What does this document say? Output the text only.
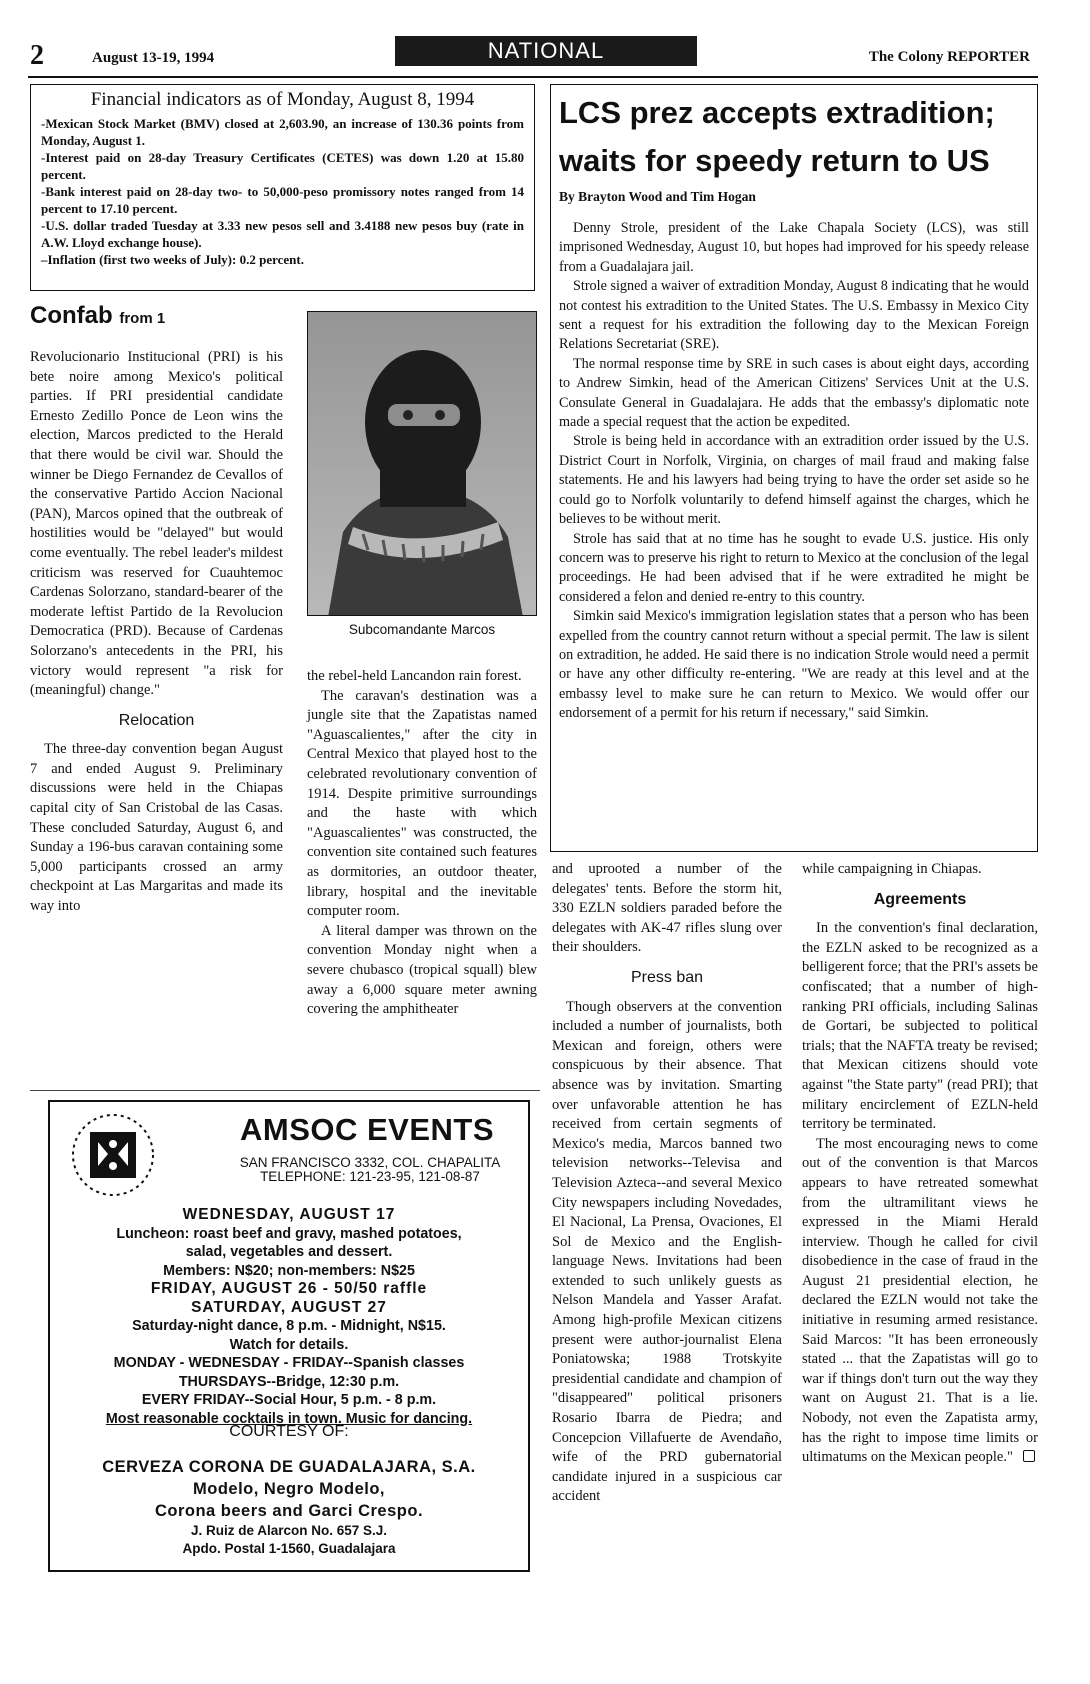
2	August 13-19, 1994	NATIONAL	The Colony REPORTER
Financial indicators as of Monday, August 8, 1994

-Mexican Stock Market (BMV) closed at 2,603.90, an increase of 130.36 points from Monday, August 1.

-Interest paid on 28-day Treasury Certificates (CETES) was down 1.20 at 15.80 percent.

-Bank interest paid on 28-day two- to 50,000-peso promissory notes ranged from 14 percent to 17.10 percent.

-U.S. dollar traded Tuesday at 3.33 new pesos sell and 3.4188 new pesos buy (rate in A.W. Lloyd exchange house).

–Inflation (first two weeks of July): 0.2 percent.

LCS prez accepts extradition;
waits for speedy return to US
By Brayton Wood and Tim Hogan

Denny Strole, president of the Lake Chapala Society (LCS), was still imprisoned Wednesday, August 10, but hopes had improved for his speedy release from a Guadalajara jail.

Strole signed a waiver of extradition Monday, August 8 indicating that he would not contest his extradition to the United States. The U.S. Embassy in Mexico City sent a request for his extradition the following day to the Mexican Foreign Relations Secretariat (SRE).

The normal response time by SRE in such cases is about eight days, according to Andrew Simkin, head of the American Citizens' Services Unit at the U.S. Consulate General in Guadalajara. He adds that the embassy's diplomatic note made a special request that the action be expedited.

Strole is being held in accordance with an extradition order issued by the U.S. District Court in Norfolk, Virginia, on charges of mail fraud and making false statements. He and his lawyers had being trying to have the order set aside so he could go to Norfolk voluntarily to defend himself against the charges, which he believes to be without merit.

Strole has said that at no time has he sought to evade U.S. justice. His only concern was to preserve his right to return to Mexico at the conclusion of the legal proceedings. He had been advised that if he were extradited he might be considered a felon and denied re-entry to this country.

Simkin said Mexico's immigration legislation states that a person who has been expelled from the country cannot return without a special permit. The law is silent on extradition, he added. He said there is no indication Strole would need a permit or have any other difficulty re-entering. "We are ready at this level and at the embassy level to make sure he can return to Mexico. We would offer our endorsement of a permit for his return if necessary," said Simkin.

Confab from 1

Revolucionario Institucional (PRI) is his bete noire among Mexico's political parties. If PRI presidential candidate Ernesto Zedillo Ponce de Leon wins the election, Marcos predicted to the Herald that there would be civil war. Should the winner be Diego Fernandez de Cevallos of the conservative Partido Accion Nacional (PAN), Marcos opined that the outbreak of hostilities would be "delayed" but would come eventually. The rebel leader's mildest criticism was reserved for Cuauhtemoc Cardenas Solorzano, standard-bearer of the moderate leftist Partido de la Revolucion Democratica (PRD). Because of Cardenas Solorzano's antecedents in the PRI, his victory would represent "a risk for (meaningful) change."

Relocation

The three-day convention began August 7 and ended August 9. Preliminary discussions were held in the Chiapas capital city of San Cristobal de las Casas. These concluded Saturday, August 6, and Sunday a 196-bus caravan containing some 5,000 participants crossed an army checkpoint at Las Margaritas and made its way into

Subcomandante Marcos

the rebel-held Lancandon rain forest.

The caravan's destination was a jungle site that the Zapatistas named "Aguascalientes," after the city in Central Mexico that played host to the celebrated revolutionary convention of 1914. Despite primitive surroundings and the haste with which "Aguascalientes" was constructed, the convention site contained such features as dormitories, an outdoor theater, library, hospital and the inevitable computer room.

A literal damper was thrown on the convention Monday night when a severe chubasco (tropical squall) blew away a 6,000 square meter awning covering the amphitheater

AMSOC EVENTS
SAN FRANCISCO 3332, COL. CHAPALITA
TELEPHONE: 121-23-95, 121-08-87
WEDNESDAY, AUGUST 17
Luncheon: roast beef and gravy, mashed potatoes,
salad, vegetables and dessert.
Members: N$20; non-members: N$25
FRIDAY, AUGUST 26 - 50/50 raffle
SATURDAY, AUGUST 27
Saturday-night dance, 8 p.m. - Midnight, N$15.
Watch for details.
MONDAY - WEDNESDAY - FRIDAY--Spanish classes
THURSDAYS--Bridge, 12:30 p.m.
EVERY FRIDAY--Social Hour, 5 p.m. - 8 p.m.
Most reasonable cocktails in town. Music for dancing.
COURTESY OF:
CERVEZA CORONA DE GUADALAJARA, S.A.
Modelo, Negro Modelo,
Corona beers and Garci Crespo.
J. Ruiz de Alarcon No. 657 S.J.
Apdo. Postal 1-1560, Guadalajara

and uprooted a number of the delegates' tents. Before the storm hit, 330 EZLN soldiers paraded before the delegates with AK-47 rifles slung over their shoulders.

Press ban

Though observers at the convention included a number of journalists, both Mexican and foreign, others were conspicuous by their absence. That absence was by invitation. Smarting over unfavorable attention he has received from certain segments of Mexico's media, Marcos banned two television networks--Televisa and Television Azteca--and several Mexico City newspapers including Novedades, El Nacional, La Prensa, Ovaciones, El Sol de Mexico and the English-language News. Invitations had been extended to such unlikely guests as Nelson Mandela and Yasser Arafat. Among high-profile Mexican citizens present were author-journalist Elena Poniatowska; 1988 Trotskyite presidential candidate and champion of "disappeared" political prisoners Rosario Ibarra de Piedra; and Concepcion Villafuerte de Avendaño, wife of the PRD gubernatorial candidate injured in a suspicious car accident

while campaigning in Chiapas.

Agreements

In the convention's final declaration, the EZLN asked to be recognized as a belligerent force; that the PRI's assets be confiscated; that a number of high-ranking PRI officials, including Salinas de Gortari, be subjected to political trials; that the NAFTA treaty be revised; that Mexican citizens should vote against "the State party" (read PRI); that military encirclement of EZLN-held territory be terminated.

The most encouraging news to come out of the convention is that Marcos appears to have retreated somewhat from the ultramilitant views he expressed in the Miami Herald interview. Though he called for civil disobedience in the case of fraud in the August 21 presidential election, he declared the EZLN would not take the initiative in resuming armed resistance. Said Marcos: "It has been erroneously stated ... that the Zapatistas will go to war if things don't turn out the way they want on August 21. That is a lie. Nobody, not even the Zapatista army, has the right to impose time limits or ultimatums on the Mexican people."
